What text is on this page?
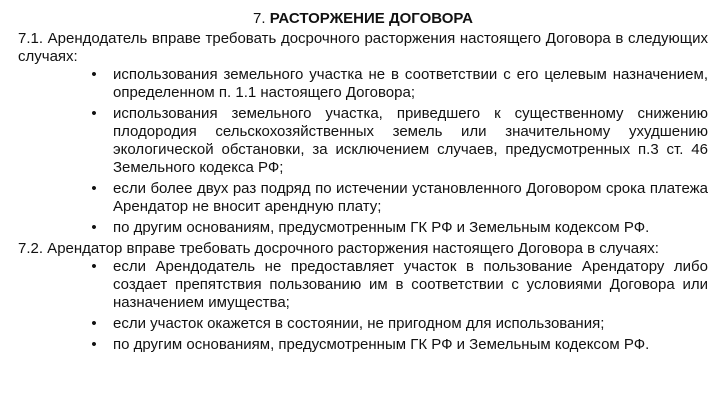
7. РАСТОРЖЕНИЕ ДОГОВОРА

7.1. Арендодатель вправе требовать досрочного расторжения настоящего Договора в следующих случаях:

• использования земельного участка не в соответствии с его целевым назначением, определенном п. 1.1 настоящего Договора;
• использования земельного участка, приведшего к существенному снижению плодородия сельскохозяйственных земель или значительному ухудшению экологической обстановки, за исключением случаев, предусмотренных п.3 ст. 46 Земельного кодекса РФ;
• если более двух раз подряд по истечении установленного Договором срока платежа Арендатор не вносит арендную плату;
• по другим основаниям, предусмотренным ГК РФ и Земельным кодексом РФ.

7.2. Арендатор вправе требовать досрочного расторжения настоящего Договора в случаях:

• если Арендодатель не предоставляет участок в пользование Арендатору либо создает препятствия пользованию им в соответствии с условиями Договора или назначением имущества;
• если участок окажется в состоянии, не пригодном для использования;
• по другим основаниям, предусмотренным ГК РФ и Земельным кодексом РФ.
